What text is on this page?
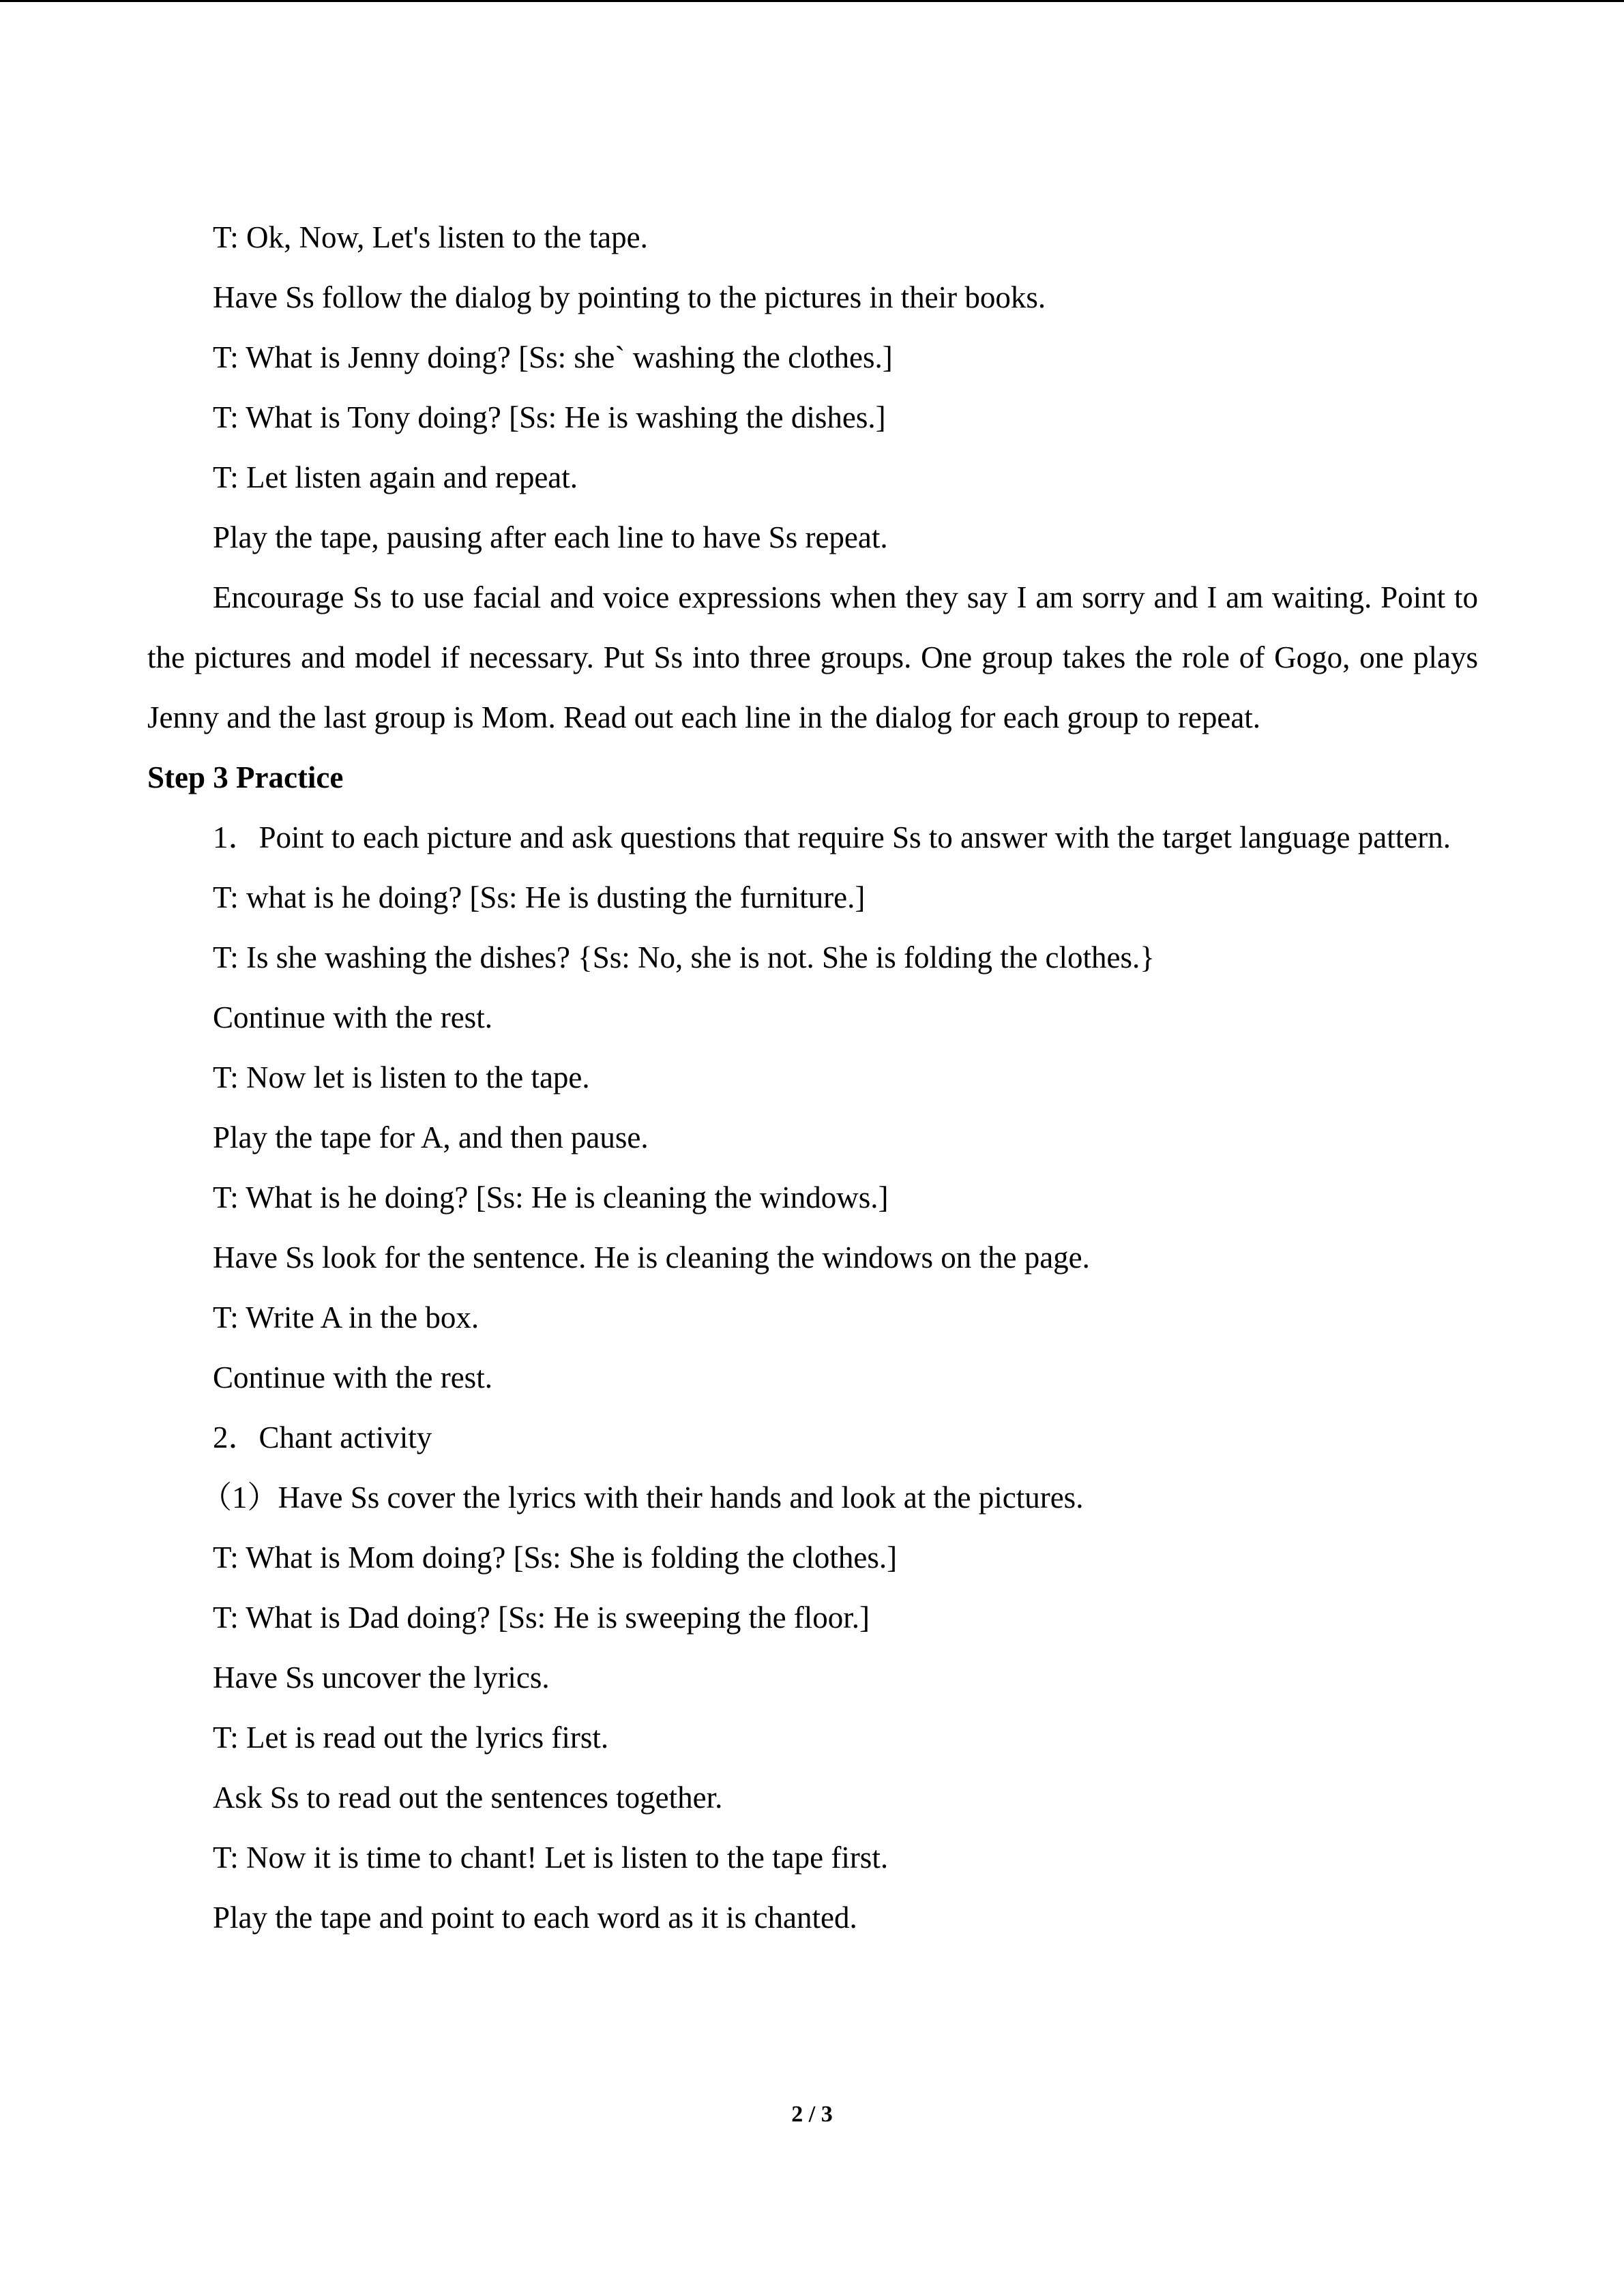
T: Ok, Now, Let's listen to the tape.

Have Ss follow the dialog by pointing to the pictures in their books.

T: What is Jenny doing? [Ss: she` washing the clothes.]

T: What is Tony doing? [Ss: He is washing the dishes.]

T: Let listen again and repeat.

Play the tape, pausing after each line to have Ss repeat.

Encourage Ss to use facial and voice expressions when they say I am sorry and I am waiting. Point to the pictures and model if necessary. Put Ss into three groups. One group takes the role of Gogo, one plays Jenny and the last group is Mom. Read out each line in the dialog for each group to repeat.

Step 3 Practice

1．Point to each picture and ask questions that require Ss to answer with the target language pattern.

T: what is he doing? [Ss: He is dusting the furniture.]

T: Is she washing the dishes? {Ss: No, she is not. She is folding the clothes.}

Continue with the rest.

T: Now let is listen to the tape.

Play the tape for A, and then pause.

T: What is he doing? [Ss: He is cleaning the windows.]

Have Ss look for the sentence. He is cleaning the windows on the page.

T: Write A in the box.

Continue with the rest.

2．Chant activity

（1）Have Ss cover the lyrics with their hands and look at the pictures.

T: What is Mom doing? [Ss: She is folding the clothes.]

T: What is Dad doing? [Ss: He is sweeping the floor.]

Have Ss uncover the lyrics.

T: Let is read out the lyrics first.

Ask Ss to read out the sentences together.

T: Now it is time to chant! Let is listen to the tape first.

Play the tape and point to each word as it is chanted.

2 / 3
